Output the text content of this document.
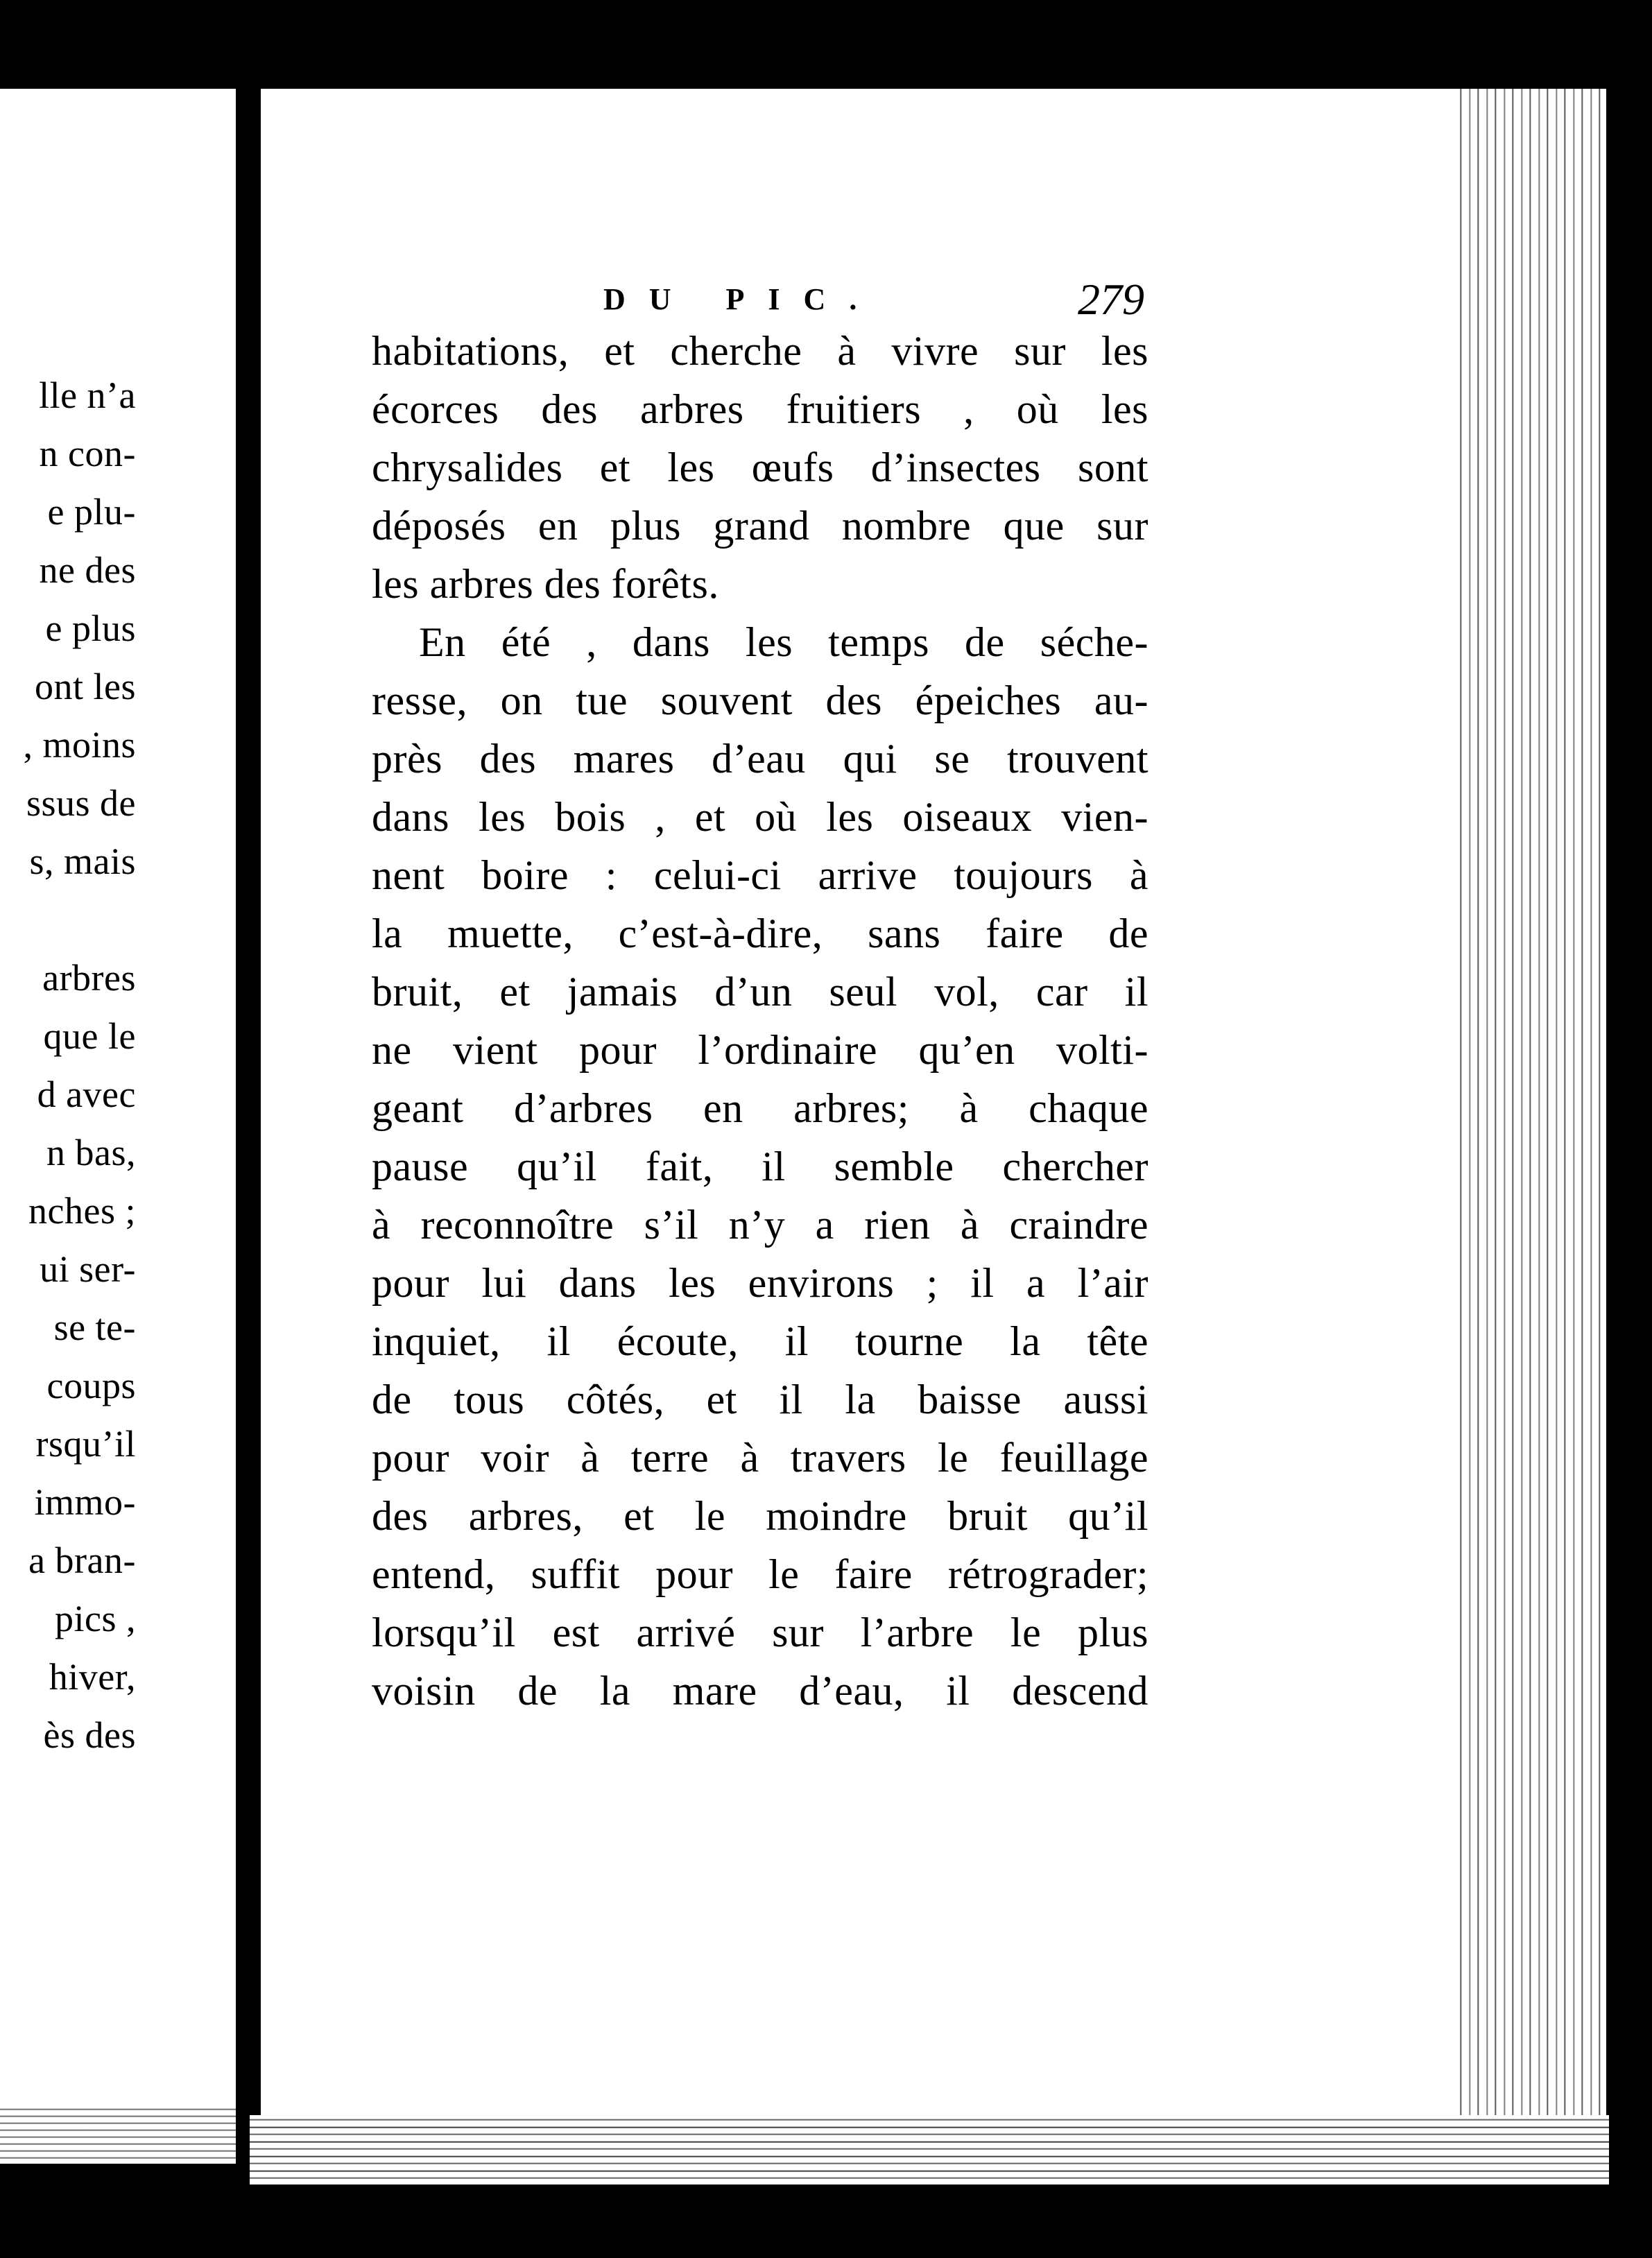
lle n’a
n con-
e plu-
ne des
e plus
ont les
, moins
ssus de
s, mais
arbres
que le
d avec
n bas,
nches ;
ui ser-
se te-
coups
rsqu’il
immo-
a bran-
pics ,
hiver,
ès des
DU PIC.	279
habitations, et cherche à vivre sur les
écorces des arbres fruitiers , où les
chrysalides et les œufs d’insectes sont
déposés en plus grand nombre que sur
les arbres des forêts.
En été , dans les temps de séche-
resse, on tue souvent des épeiches au-
près des mares d’eau qui se trouvent
dans les bois , et où les oiseaux vien-
nent boire : celui-ci arrive toujours à
la muette, c’est-à-dire, sans faire de
bruit, et jamais d’un seul vol, car il
ne vient pour l’ordinaire qu’en volti-
geant d’arbres en arbres; à chaque
pause qu’il fait, il semble chercher
à reconnoître s’il n’y a rien à craindre
pour lui dans les environs ; il a l’air
inquiet, il écoute, il tourne la tête
de tous côtés, et il la baisse aussi
pour voir à terre à travers le feuillage
des arbres, et le moindre bruit qu’il
entend, suffit pour le faire rétrograder;
lorsqu’il est arrivé sur l’arbre le plus
voisin de la mare d’eau, il descend
